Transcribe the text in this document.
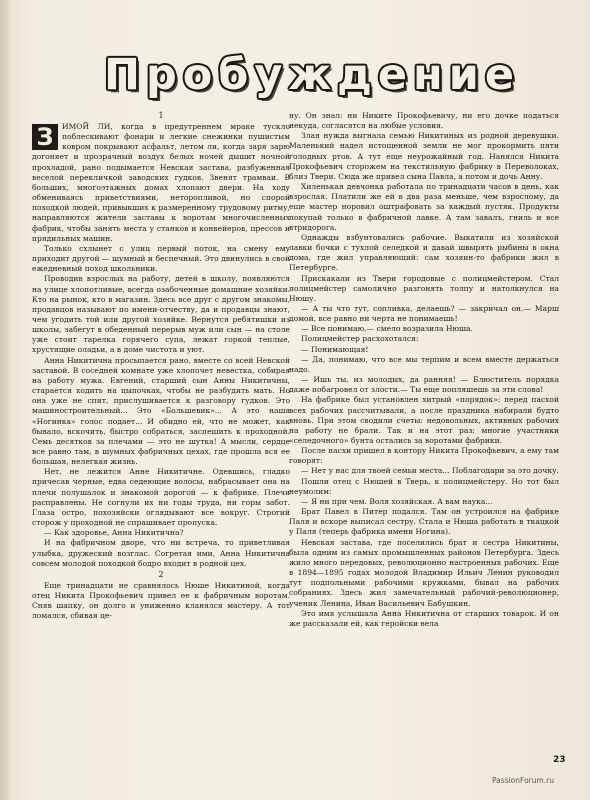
Пробуждение

1

З	ИМОЙ ЛИ, когда в предутреннем мраке тускло поблескивают фонари и легкие снежинки пушистым ковром покрывают асфальт, летом ли, когда заря зарю догоняет и прозрачный воздух белых ночей дышит ночной прохладой, рано подымается Невская застава, разбуженная веселой перекличкой заводских гудков. Звенят трамваи. В больших, многоэтажных домах хлопают двери. На ходу обмениваясь приветствиями, неторопливой, но спорой походкой людей, привыкших к размеренному трудовому ритму, направляются жители заставы к воротам многочисленных фабрик, чтобы занять места у станков и конвейеров, прессов и прядильных машин.

Только схлынет с улиц первый поток, на смену ему приходит другой — шумный и беспечный. Это двинулись в свой ежедневный поход школьники.

Проводив взрослых на работу, детей в школу, появляются на улице хлопотливые, всегда озабоченные домашние хозяйки. Кто на рынок, кто в магазин. Здесь все друг с другом знакомы, продавцов называют по имени-отчеству, да и продавцы знают, чем угодить той или другой хозяйке. Вернутся ребятишки из школы, забегут в обеденный перерыв муж или сын — на столе уже стоит тарелка горячего супа, лежат горкой теплые, хрустящие оладьи, а в доме чистота и уют.

Анна Никитична просыпается рано, вместе со всей Невской заставой. В соседней комнате уже хлопочет невестка, собирая на работу мужа. Евгений, старший сын Анны Никитичны, старается ходить на цыпочках, чтобы не разбудить мать. Но она уже не спит, прислушивается к разговору гудков. Это машиностроительный... Это «Большевик»... А это наша «Ногинка» голос подает... И обидно ей, что не может, как бывало, вскочить, быстро собраться, заспешить к проходной. Семь десятков за плечами — это не шутка! А мысли, сердце все равно там, в шумных фабричных цехах, где прошла вся ее большая, нелегкая жизнь.

Нет, не лежится Анне Никитичне. Одевшись, гладко причесав черные, едва седеющие волосы, набрасывает она на плечи полушалок и знакомой дорогой — к фабрике. Плечи расправлены. Не согнули их ни годы труда, ни горы забот. Глаза остро, похозяйски оглядывают все вокруг. Строгий сторож у проходной не спрашивает пропуска.

— Как здоровье, Анна Никитична?

И на фабричном дворе, что ни встреча, то приветливая улыбка, дружеский возглас. Согретая ими, Анна Никитична совсем молодой походкой бодро входит в родной цех.

2

Еще тринадцати не сравнялось Нюше Никитиной, когда отец Никита Прокофьевич привел ее к фабричным воротам. Сняв шапку, он долго и униженно кланялся мастеру. А тот ломался, сбивая це-

ну. Он знал: ни Никите Прокофьевичу, ни его дочке податься некуда, согласятся на любые условия.

Злая нужда выгнала семью Никитиных из родной деревушки. Маленький надел истощенной земли не мог прокормить пяти голодных ртов. А тут еще неурожайный год. Нанялся Никита Прокофьевич сторожем на текстильную фабрику в Переволоках, близ Твери. Сюда же привел сына Павла, а потом и дочь Анну.

Хиленькая девчонка работала по тринадцати часов в день, как взрослая. Платили же ей в два раза меньше, чем взрослому, да еще мастер норовил оштрафовать за каждый пустяк. Продукты покупай только в фабричной лавке. А там завалъ, гниль и все втридорога.

Однажды взбунтовались рабочие. Выкатили из хозяйской лавки бочки с тухлой селедкой и давай швырять рыбины в окна дома, где жил управляющий: сам хозяин-то фабрики жил в Петербурге.

Прискакали из Твери городовые с полицмейстером. Стал полицмейстер самолично разгонять толпу и натолкнулся на Нюшу.

— А ты что тут, сопливка, делаешь? — закричал он.— Марш домой, все равно ни черта не понимаешь!

— Все понимаю,— смело возразила Нюша.

Полицмейстер расхохотался:

— Понимающая!

— Да, понимаю, что все мы терпим и всем вместе держаться надо.

— Ишь ты, из молодых, да ранняя! — Блюститель порядка даже побагровел от злости.— Ты еще попляшешь за эти слова!

На фабрике был установлен хитрый «порядок»: перед пасхой всех рабочих рассчитывали, а после праздника набирали будто вновь. При этом сводили счеты: недовольных, активных рабочих на работу не брали. Так и на этот раз: многие участники «селедочного» бунта остались за воротами фабрики.

После пасхи пришел в контору Никита Прокофьевич, а ему там говорят:

— Нет у нас для твоей семьи места... Поблагодари за это дочку.

Пошли отец с Нюшей в Тверь, к полицмейстеру. Но тот был неумолим:

— Я ни при чем. Воля хозяйская. А вам наука...

Брат Павел в Питер подался. Там он устроился на фабрике Паля и вскоре выписал сестру. Стала и Нюша работать в ткацкой у Паля (теперь фабрика имени Ногина).

Невская застава, где поселились брат и сестра Никитины, была одним из самых промышленных районов Петербурга. Здесь жило много передовых, революционно настроенных рабочих. Еще в 1894—1895 годах молодой Владимир Ильич Ленин руководил тут подпольными рабочими кружками, бывал на рабочих собраниях. Здесь жил замечательный рабочий-революционер, ученик Ленина, Иван Васильевич Бабушкин.

Это имя услышала Анна Никитична от старших товарок. И он же рассказали ей, как геройски вела

23
PassionForum.ru
